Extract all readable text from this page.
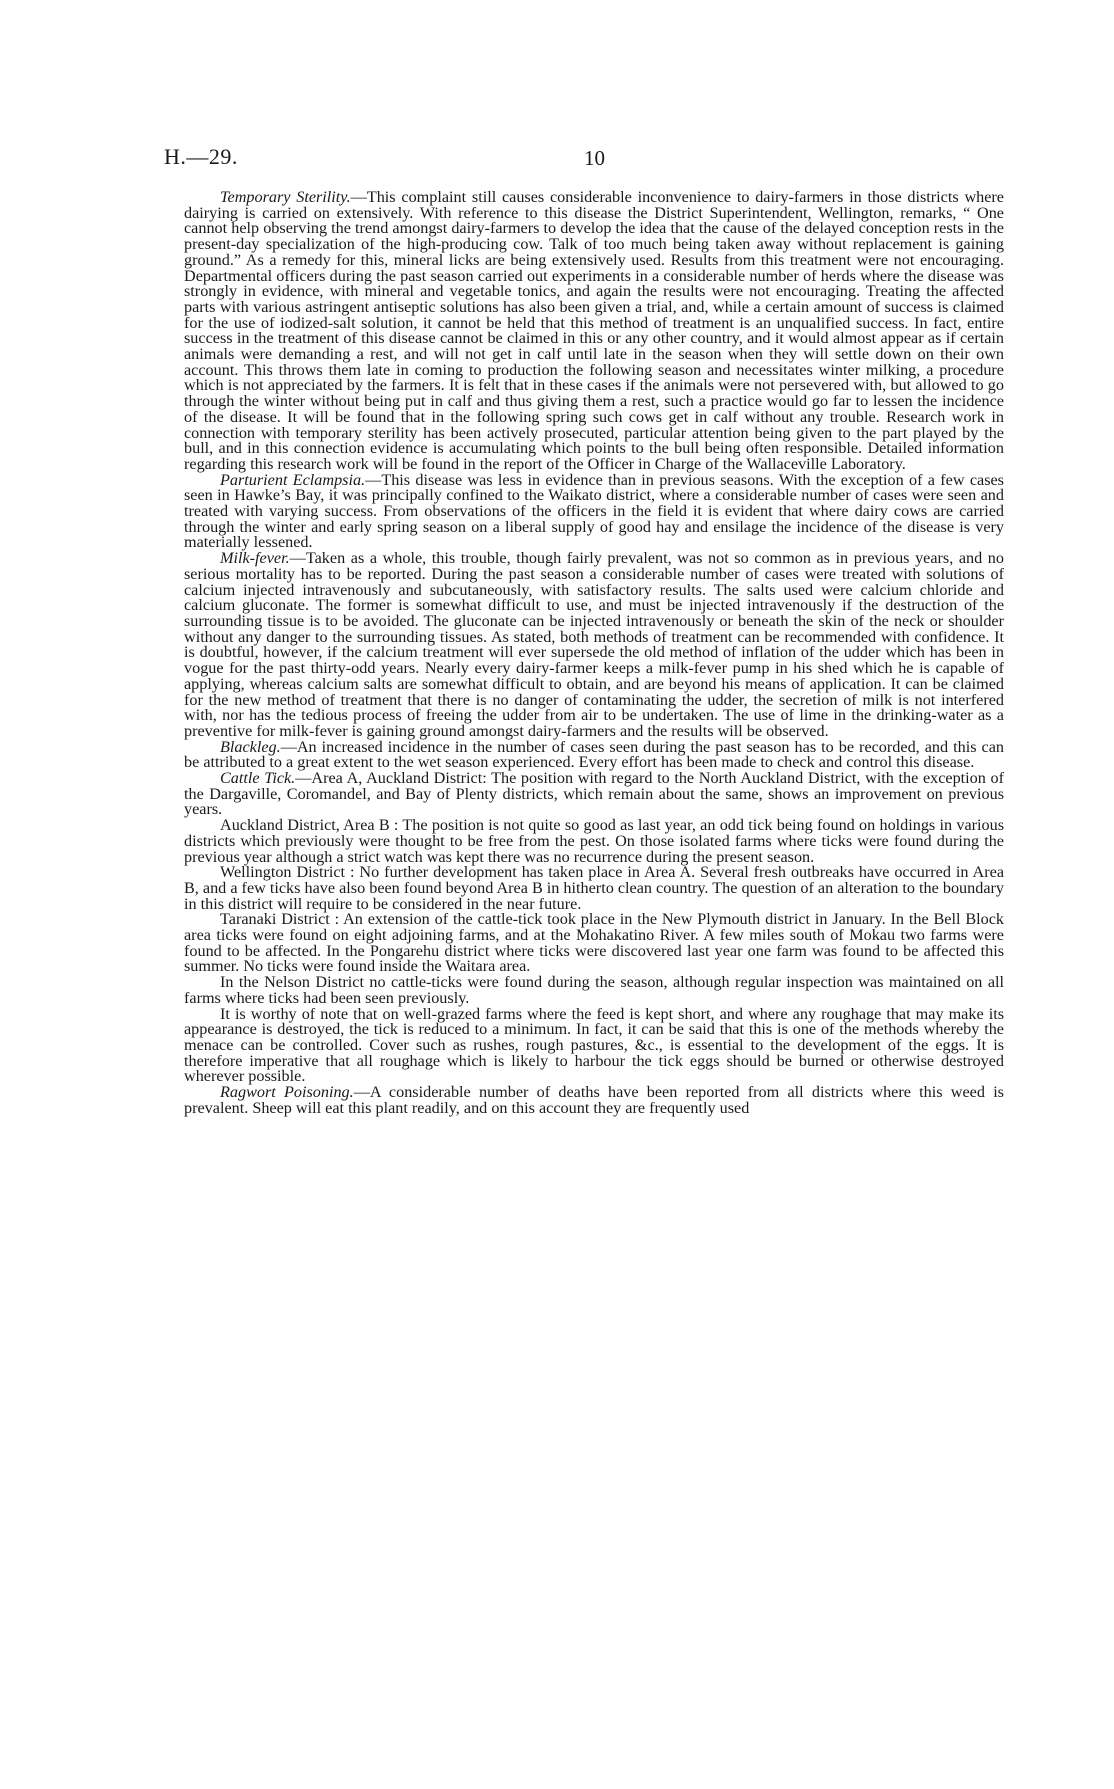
H.—29.	10

Temporary Sterility.—This complaint still causes considerable inconvenience to dairy-farmers in those districts where dairying is carried on extensively. With reference to this disease the District Superintendent, Wellington, remarks, “ One cannot help observing the trend amongst dairy-farmers to develop the idea that the cause of the delayed conception rests in the present-day specialization of the high-producing cow. Talk of too much being taken away without replacement is gaining ground.” As a remedy for this, mineral licks are being extensively used. Results from this treatment were not encouraging. Departmental officers during the past season carried out experiments in a considerable number of herds where the disease was strongly in evidence, with mineral and vegetable tonics, and again the results were not encouraging. Treating the affected parts with various astringent antiseptic solutions has also been given a trial, and, while a certain amount of success is claimed for the use of iodized-salt solution, it cannot be held that this method of treatment is an unqualified success. In fact, entire success in the treatment of this disease cannot be claimed in this or any other country, and it would almost appear as if certain animals were demanding a rest, and will not get in calf until late in the season when they will settle down on their own account. This throws them late in coming to production the following season and necessitates winter milking, a procedure which is not appreciated by the farmers. It is felt that in these cases if the animals were not persevered with, but allowed to go through the winter without being put in calf and thus giving them a rest, such a practice would go far to lessen the incidence of the disease. It will be found that in the following spring such cows get in calf without any trouble. Research work in connection with temporary sterility has been actively prosecuted, particular attention being given to the part played by the bull, and in this connection evidence is accumulating which points to the bull being often responsible. Detailed information regarding this research work will be found in the report of the Officer in Charge of the Wallaceville Laboratory.

Parturient Eclampsia.—This disease was less in evidence than in previous seasons. With the exception of a few cases seen in Hawke’s Bay, it was principally confined to the Waikato district, where a considerable number of cases were seen and treated with varying success. From observations of the officers in the field it is evident that where dairy cows are carried through the winter and early spring season on a liberal supply of good hay and ensilage the incidence of the disease is very materially lessened.

Milk-fever.—Taken as a whole, this trouble, though fairly prevalent, was not so common as in previous years, and no serious mortality has to be reported. During the past season a considerable number of cases were treated with solutions of calcium injected intravenously and subcutaneously, with satisfactory results. The salts used were calcium chloride and calcium gluconate. The former is somewhat difficult to use, and must be injected intravenously if the destruction of the surrounding tissue is to be avoided. The gluconate can be injected intravenously or beneath the skin of the neck or shoulder without any danger to the surrounding tissues. As stated, both methods of treatment can be recommended with confidence. It is doubtful, however, if the calcium treatment will ever supersede the old method of inflation of the udder which has been in vogue for the past thirty-odd years. Nearly every dairy-farmer keeps a milk-fever pump in his shed which he is capable of applying, whereas calcium salts are somewhat difficult to obtain, and are beyond his means of application. It can be claimed for the new method of treatment that there is no danger of contaminating the udder, the secretion of milk is not interfered with, nor has the tedious process of freeing the udder from air to be undertaken. The use of lime in the drinking-water as a preventive for milk-fever is gaining ground amongst dairy-farmers and the results will be observed.

Blackleg.—An increased incidence in the number of cases seen during the past season has to be recorded, and this can be attributed to a great extent to the wet season experienced. Every effort has been made to check and control this disease.

Cattle Tick.—Area A, Auckland District: The position with regard to the North Auckland District, with the exception of the Dargaville, Coromandel, and Bay of Plenty districts, which remain about the same, shows an improvement on previous years.

Auckland District, Area B : The position is not quite so good as last year, an odd tick being found on holdings in various districts which previously were thought to be free from the pest. On those isolated farms where ticks were found during the previous year although a strict watch was kept there was no recurrence during the present season.

Wellington District : No further development has taken place in Area A. Several fresh outbreaks have occurred in Area B, and a few ticks have also been found beyond Area B in hitherto clean country. The question of an alteration to the boundary in this district will require to be considered in the near future.

Taranaki District : An extension of the cattle-tick took place in the New Plymouth district in January. In the Bell Block area ticks were found on eight adjoining farms, and at the Mohakatino River. A few miles south of Mokau two farms were found to be affected. In the Pongarehu district where ticks were discovered last year one farm was found to be affected this summer. No ticks were found inside the Waitara area.

In the Nelson District no cattle-ticks were found during the season, although regular inspection was maintained on all farms where ticks had been seen previously.

It is worthy of note that on well-grazed farms where the feed is kept short, and where any roughage that may make its appearance is destroyed, the tick is reduced to a minimum. In fact, it can be said that this is one of the methods whereby the menace can be controlled. Cover such as rushes, rough pastures, &c., is essential to the development of the eggs. It is therefore imperative that all roughage which is likely to harbour the tick eggs should be burned or otherwise destroyed wherever possible.

Ragwort Poisoning.—A considerable number of deaths have been reported from all districts where this weed is prevalent. Sheep will eat this plant readily, and on this account they are frequently used
